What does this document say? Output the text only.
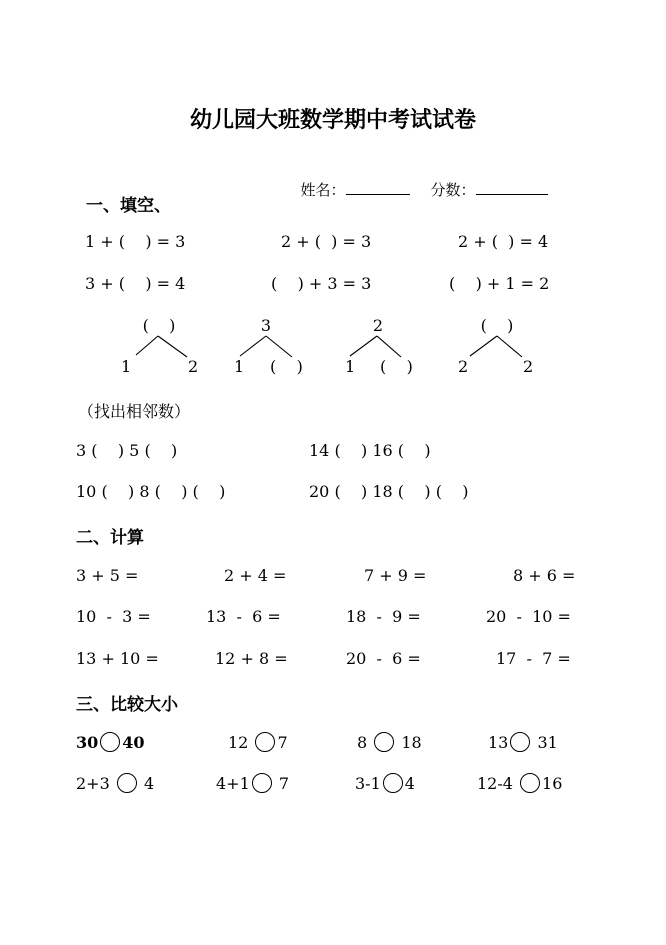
幼儿园大班数学期中考试试卷

姓名：	分数：

一、填空、
1 + (    ) = 3	2 + (  ) = 3	2 + (  ) = 4
3 + (    ) = 4	(    ) + 3 = 3	(    ) + 1 = 2
(    )	3	2	(    )
1	2 1 (    )	1 (    )	2	2
（找出相邻数）
3 (    ) 5 (    )	14 (    ) 16 (    )
10 (    ) 8 (    ) (    )	20 (    ) 18 (    ) (    )
二、计算
3 + 5 =	2 + 4 =	7 + 9 =	8 + 6 =
10  -  3 =	13  -  6 =	18  -  9 =	20  -  10 =
13 + 10 =	12 + 8 =	20  -  6 =	17  -  7 =
三、比较大小
30 40	12 7	8 18	13 31
2+3 4	4+1 7	3-1 4	12-4 16
